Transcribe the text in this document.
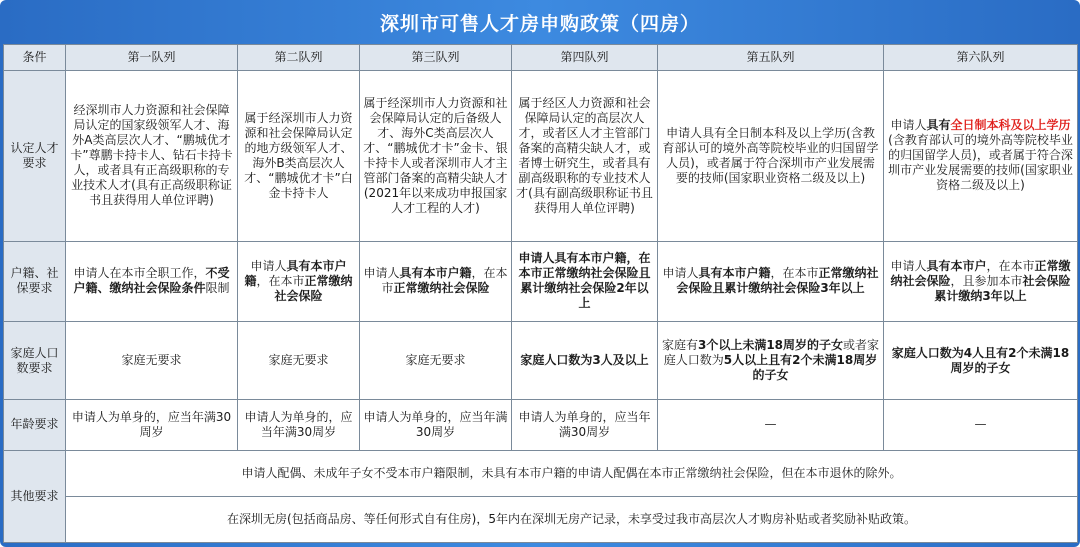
深圳市可售人才房申购政策（四房）
条件	第一队列	第二队列	第三队列	第四队列	第五队列	第六队列
认定人才要求	经深圳市人力资源和社会保障局认定的国家级领军人才、海外A类高层次人才、“鹏城优才卡”尊鹏卡持卡人、钻石卡持卡人，或者具有正高级职称的专业技术人才(具有正高级职称证书且获得用人单位评聘)	属于经深圳市人力资源和社会保障局认定的地方级领军人才、海外B类高层次人才、“鹏城优才卡”白金卡持卡人	属于经深圳市人力资源和社会保障局认定的后备级人才、海外C类高层次人才、“鹏城优才卡”金卡、银卡持卡人或者深圳市人才主管部门备案的高精尖缺人才(2021年以来成功申报国家人才工程的人才)	属于经区人力资源和社会保障局认定的高层次人才，或者区人才主管部门备案的高精尖缺人才，或者博士研究生，或者具有副高级职称的专业技术人才(具有副高级职称证书且获得用人单位评聘)	申请人具有全日制本科及以上学历(含教育部认可的境外高等院校毕业的归国留学人员)，或者属于符合深圳市产业发展需要的技师(国家职业资格二级及以上)	申请人具有全日制本科及以上学历(含教育部认可的境外高等院校毕业的归国留学人员)，或者属于符合深圳市产业发展需要的技师(国家职业资格二级及以上)
户籍、社保要求	申请人在本市全职工作，不受户籍、缴纳社会保险条件限制	申请人具有本市户籍，在本市正常缴纳社会保险	申请人具有本市户籍，在本市正常缴纳社会保险	申请人具有本市户籍，在本市正常缴纳社会保险且累计缴纳社会保险2年以上	申请人具有本市户籍，在本市正常缴纳社会保险且累计缴纳社会保险3年以上	申请人具有本市户，在本市正常缴纳社会保险，且参加本市社会保险累计缴纳3年以上
家庭人口数要求	家庭无要求	家庭无要求	家庭无要求	家庭人口数为3人及以上	家庭有3个以上未满18周岁的子女或者家庭人口数为5人以上且有2个未满18周岁的子女	家庭人口数为4人且有2个未满18周岁的子女
年龄要求	申请人为单身的，应当年满30周岁	申请人为单身的，应当年满30周岁	申请人为单身的，应当年满30周岁	申请人为单身的，应当年满30周岁	—	—
其他要求	申请人配偶、未成年子女不受本市户籍限制，未具有本市户籍的申请人配偶在本市正常缴纳社会保险，但在本市退休的除外。					
	在深圳无房(包括商品房、等任何形式自有住房)，5年内在深圳无房产记录，未享受过我市高层次人才购房补贴或者奖励补贴政策。					
